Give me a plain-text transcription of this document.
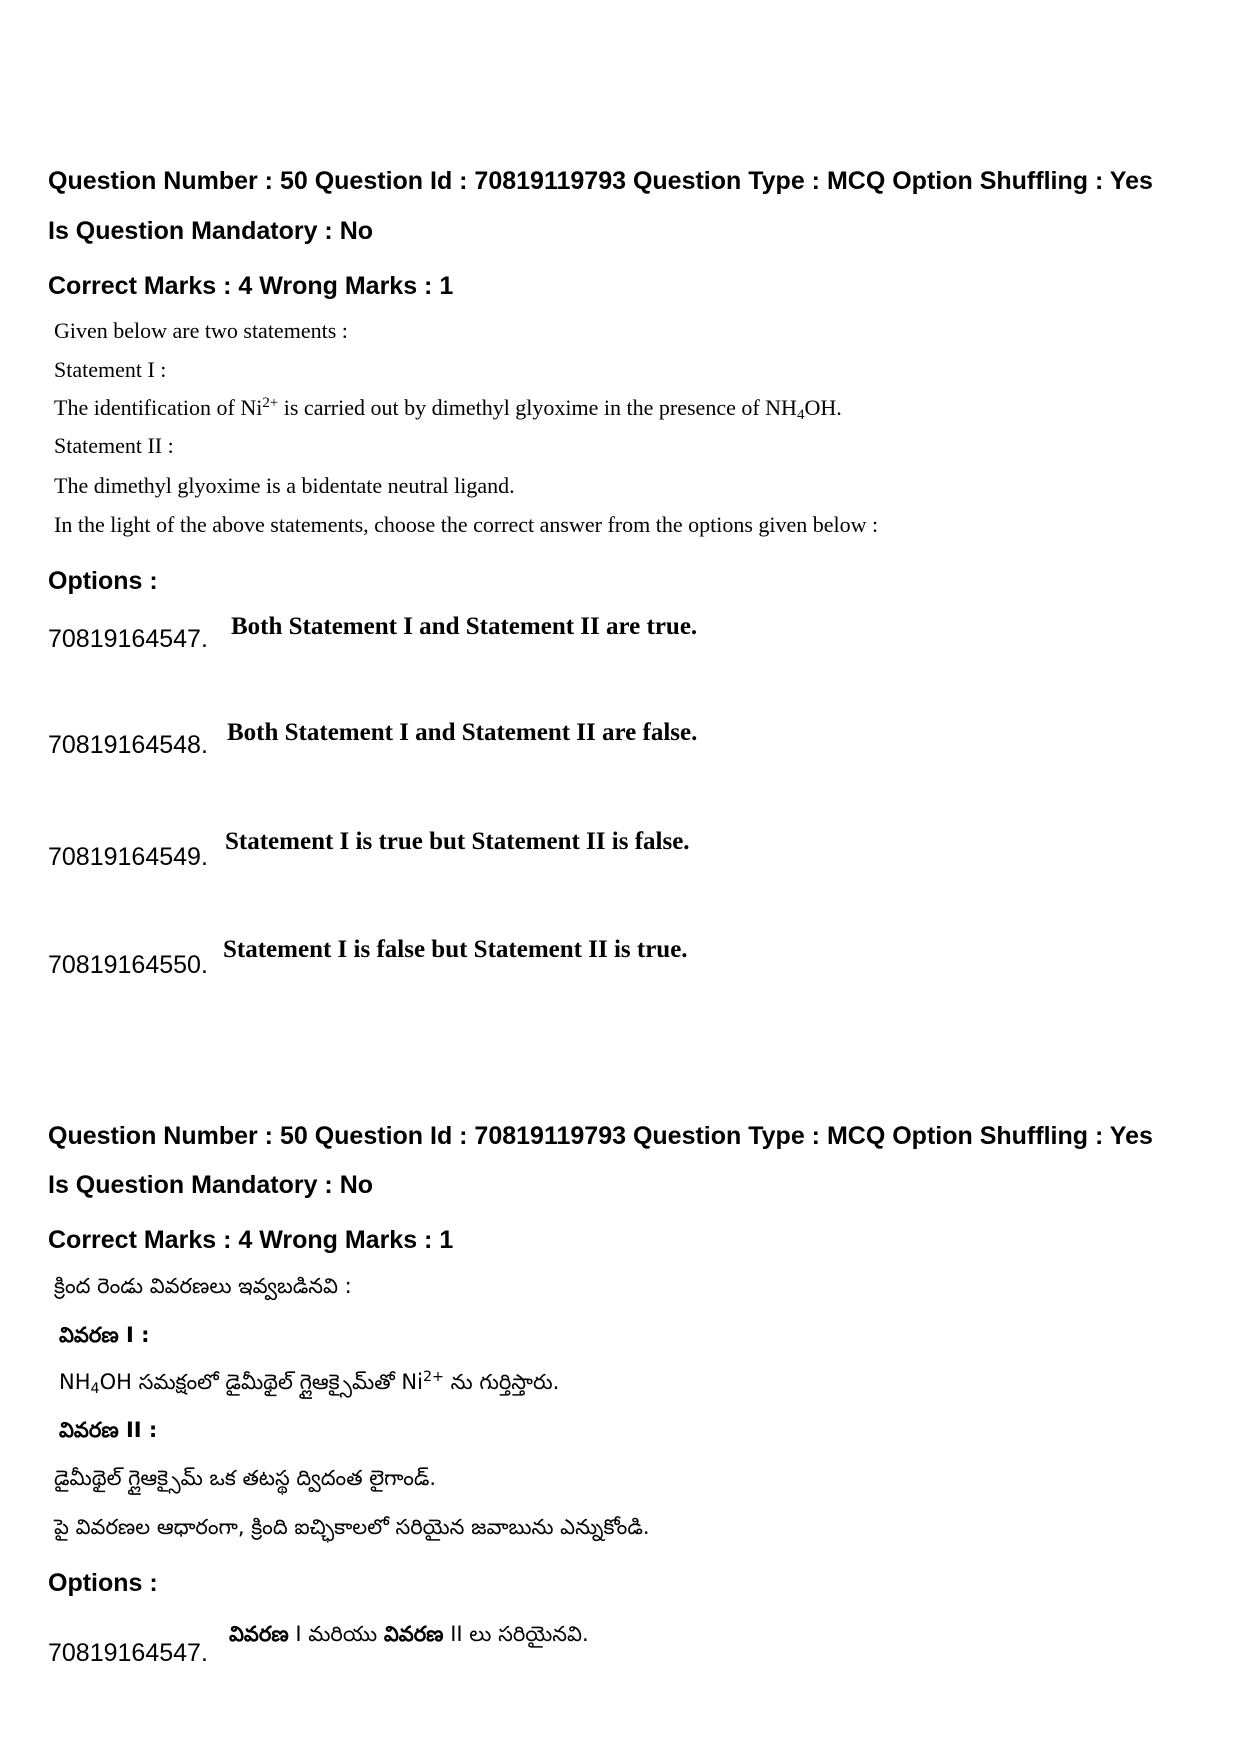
Question Number : 50 Question Id : 70819119793 Question Type : MCQ Option Shuffling : Yes
Is Question Mandatory : No
Correct Marks : 4 Wrong Marks : 1
Given below are two statements :
Statement I :
The identification of $Ni^{2+}$ is carried out by dimethyl glyoxime in the presence of $NH_4OH$.
Statement II :
The dimethyl glyoxime is a bidentate neutral ligand.
In the light of the above statements, choose the correct answer from the options given below :
Options :
70819164547. Both Statement I and Statement II are true.
70819164548. Both Statement I and Statement II are false.
70819164549.
Statement I is true but Statement II is false.
70819164550.
Statement I is false but Statement II is true.
Question Number : 50 Question Id : 70819119793 Question Type : MCQ Option Shuffling : Yes
Is Question Mandatory : No
Correct Marks : 4 Wrong Marks : 1
క్రింద రెండు వివరణలు ఇవ్వబడినవి :
వివరణ I :
$NH_4OH$ సమక్షంలో డైమీథైల్ గ్లైఆక్సైమ్‌తో $Ni^{2+}$ ను గుర్తిస్తారు.
వివరణ II :
డైమీథైల్ గ్లైఆక్సైమ్ ఒక తటస్థ ద్విదంత లైగాండ్.
పై వివరణల ఆధారంగా, క్రింది ఐచ్ఛికాలలో సరియైన జవాబును ఎన్నుకోండి.
Options :
70819164547.
వివరణ I మరియు వివరణ II లు సరియైనవి.
